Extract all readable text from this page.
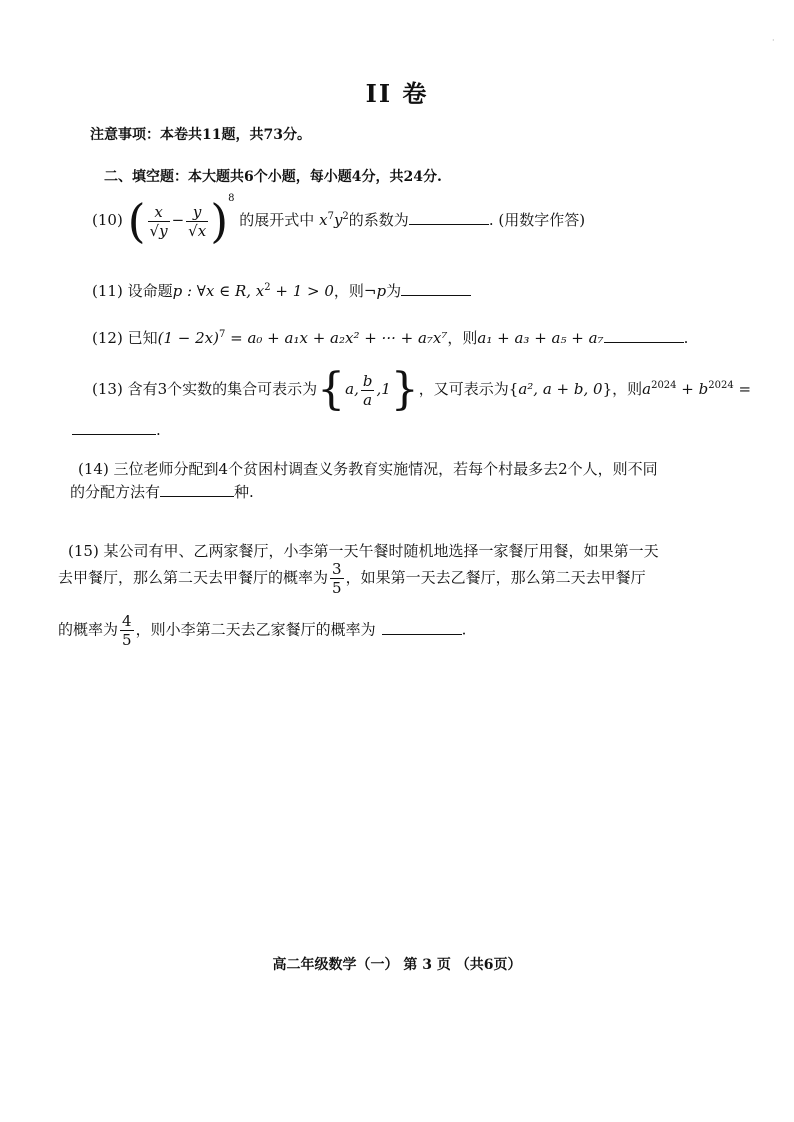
·
II 卷
注意事项：本卷共11题，共73分。
二、填空题：本大题共6个小题，每小题4分，共24分.
(10) ( $\frac{x}{√y} - \frac{y}{√x} )^8$ 的展开式中 $x^7y^2$的系数为	. (用数字作答)
(11) 设命题p : ∀x ∈ R, $x^2 + 1 > 0$，则¬p为
(12) 已知$(1 - 2x)^7 = a_0 + a_1x + a_2x^2$ + ··· + a₇x⁷，则a₁ + a₃ + a₅ + a₇	.
(13) 含有3个实数的集合可表示为{a, $\frac{b}{a} ,1$}，又可表示为{a², a + b, 0}，则$a^{2024} + b^{2024}$ =
.
(14) 三位老师分配到4个贫困村调查义务教育实施情况，若每个村最多去2个人，则不同
的分配方法有	种.
(15) 某公司有甲、乙两家餐厅，小李第一天午餐时随机地选择一家餐厅用餐，如果第一天
去甲餐厅，那么第二天去甲餐厅的概率为 $\frac{3}{5}$ ，如果第一天去乙餐厅，那么第二天去甲餐厅
的概率为 $\frac{4}{5}$ ，则小李第二天去乙家餐厅的概率为	.
高二年级数学（一） 第 3 页 （共6页）
